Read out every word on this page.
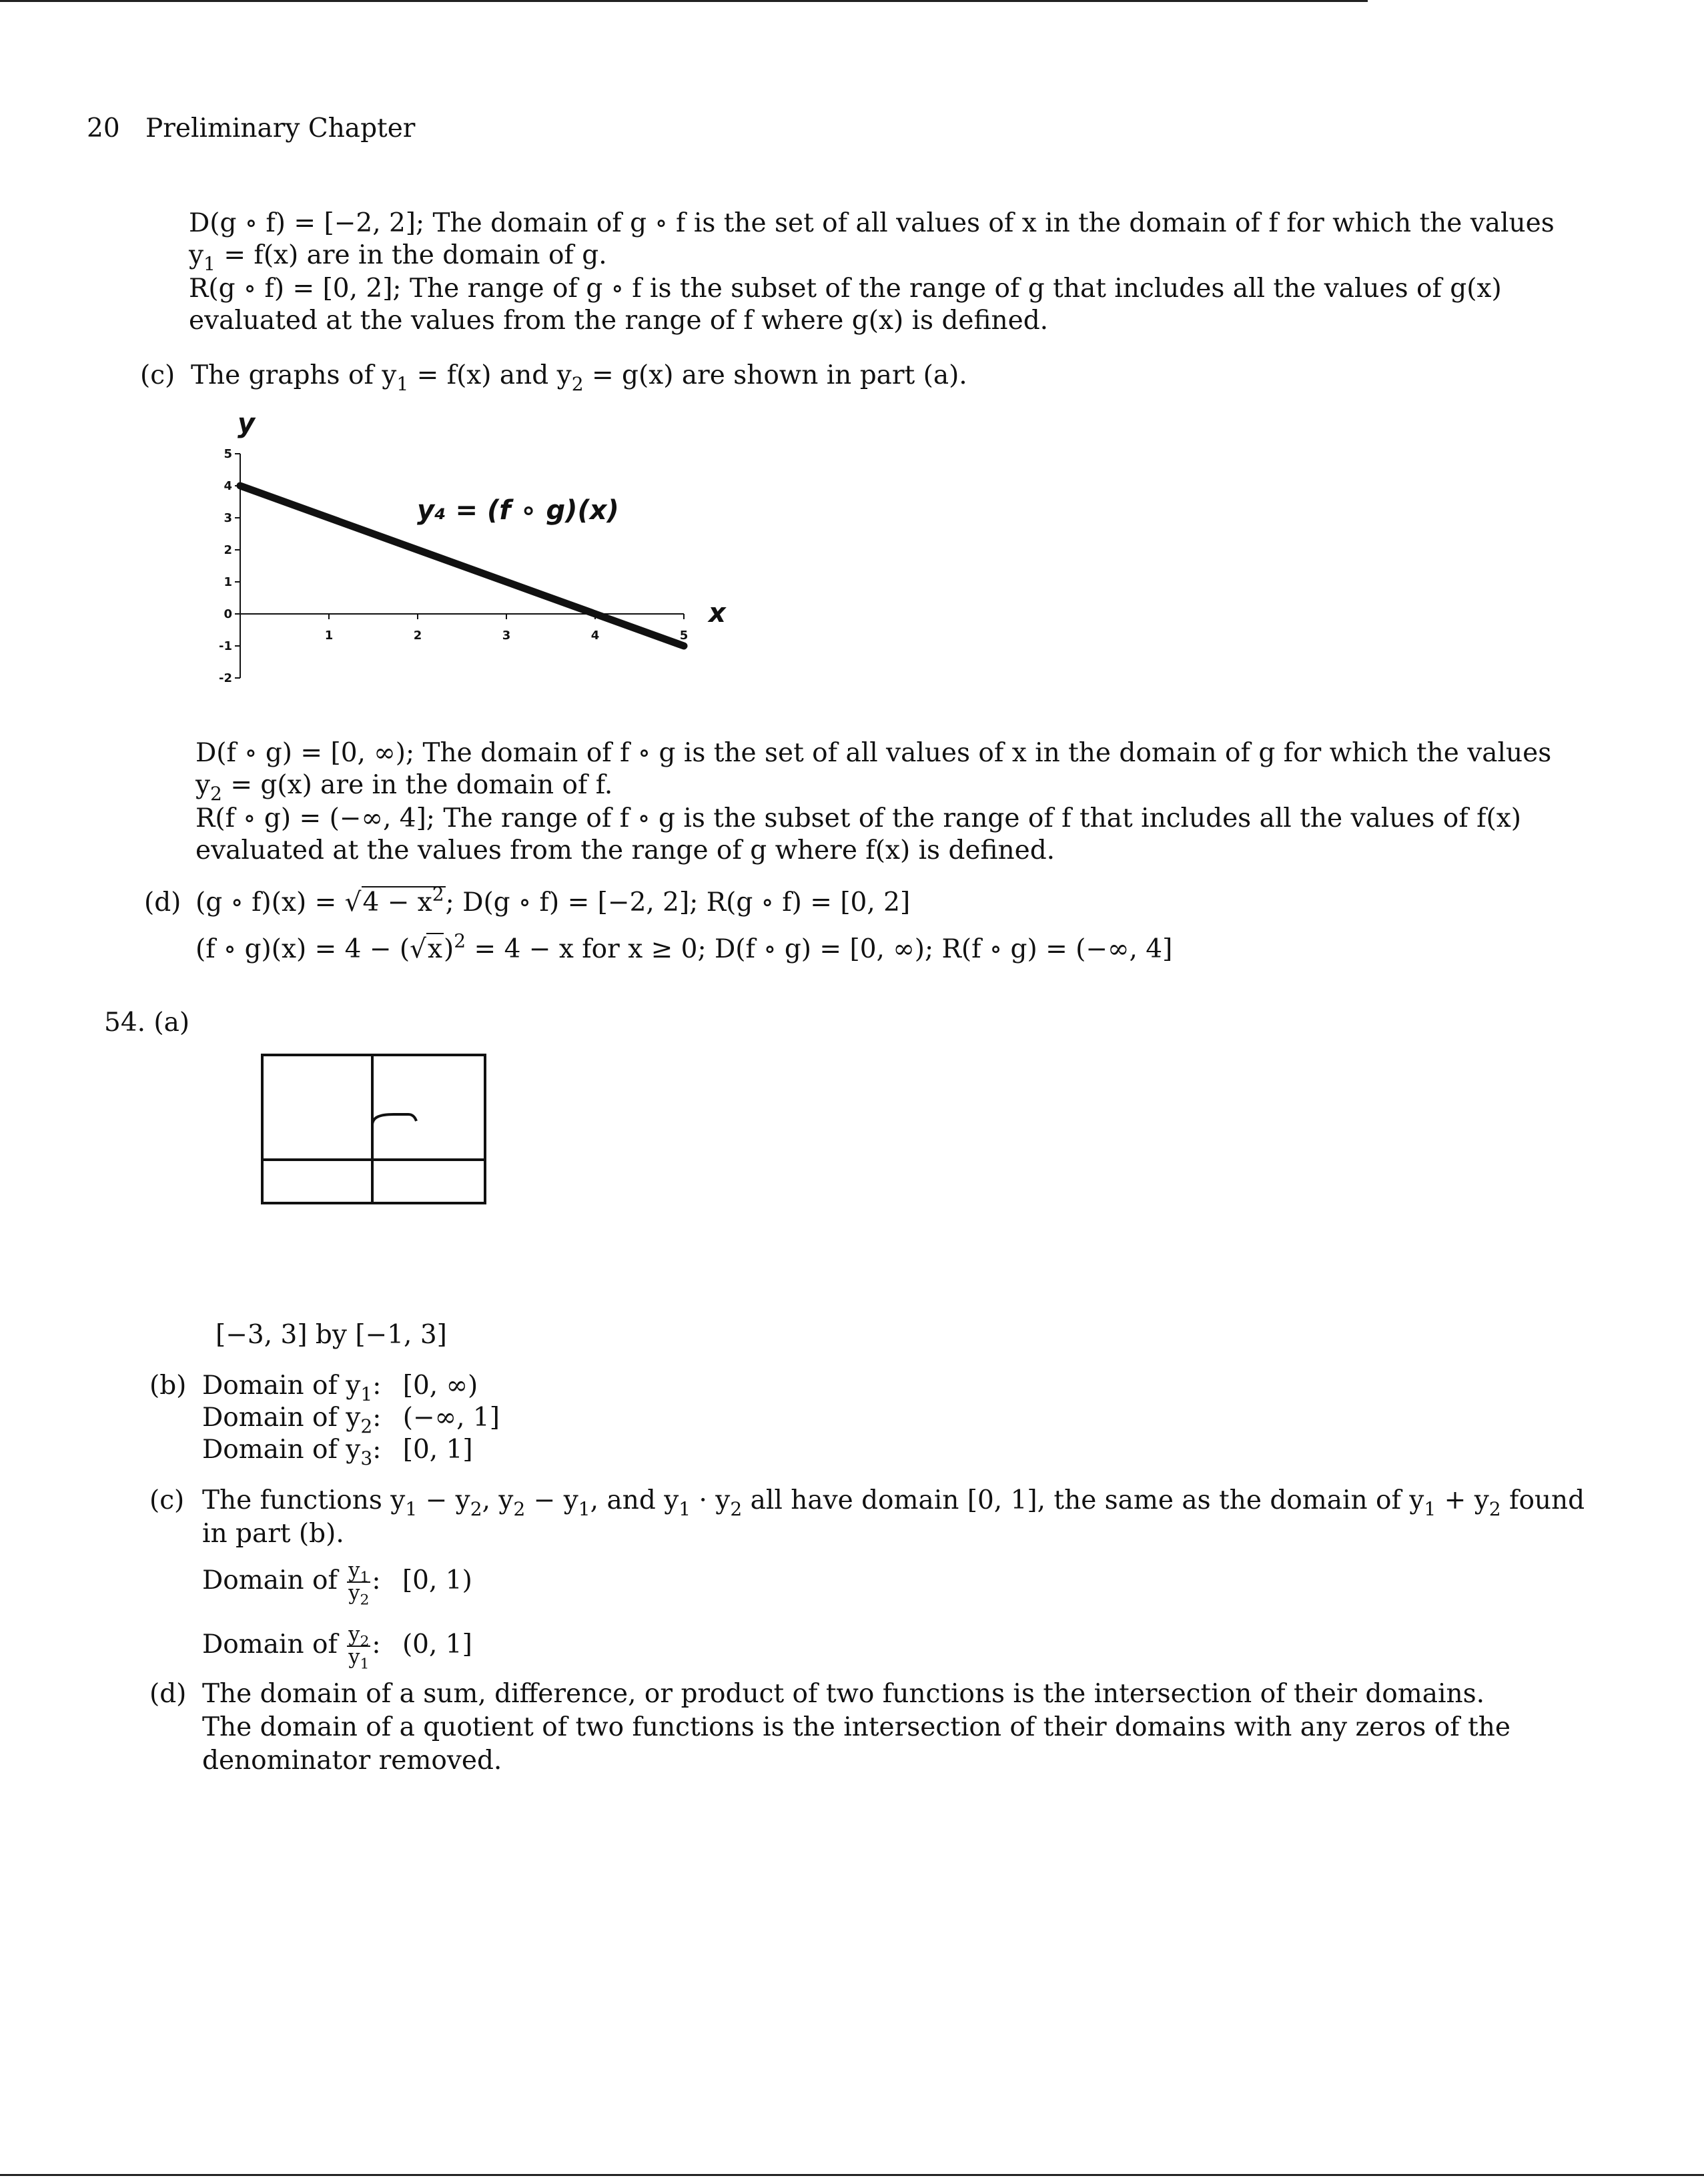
20 Preliminary Chapter
D(g ∘ f) = [−2, 2]; The domain of g ∘ f is the set of all values of x in the domain of f for which the values
$y_1 = f(x)$ are in the domain of g.
R(g ∘ f) = [0, 2]; The range of g ∘ f is the subset of the range of g that includes all the values of g(x)
evaluated at the values from the range of f where g(x) is defined.
(c) The graphs of $y_1 = f(x)$ and $y_2 = g(x)$ are shown in part (a).
y
x
1	2	3	4	5
5
4
3
2
1
0
-1
-2
y₄ = (f ∘ g)(x)
D(f ∘ g) = [0, ∞); The domain of f ∘ g is the set of all values of x in the domain of g for which the values
$y_2 = g(x)$ are in the domain of f.
R(f ∘ g) = (−∞, 4]; The range of f ∘ g is the subset of the range of f that includes all the values of f(x)
evaluated at the values from the range of g where f(x) is defined.
(d) (g ∘ $f)(x) = √4 - x^2$; D(g ∘ f) = [−2, 2]; R(g ∘ f) = [0, 2]
(f ∘ $g)(x) = 4 - (√x)^2 = 4 - x$ for x ≥ 0; D(f ∘ g) = [0, ∞); R(f ∘ g) = (−∞, 4]
54. (a)
[−3, 3] by [−1, 3]
(b) Domain of $y_1$: [0, ∞)
Domain of $y_2$: (−∞, 1]
Domain of $y_3$: [0, 1]
(c) The functions $y_1 - y_2$, $y_2 - y_1$, and $y_1 \cdot y_2$ all have domain [0, 1], the same as the domain of $y_1 + y_2$ found
in part (b).
Domain of $\frac{y_1}{y_2}$ : [0, 1)
Domain of $\frac{y_2}{y_1}$ : (0, 1]
(d) The domain of a sum, difference, or product of two functions is the intersection of their domains.
The domain of a quotient of two functions is the intersection of their domains with any zeros of the
denominator removed.
